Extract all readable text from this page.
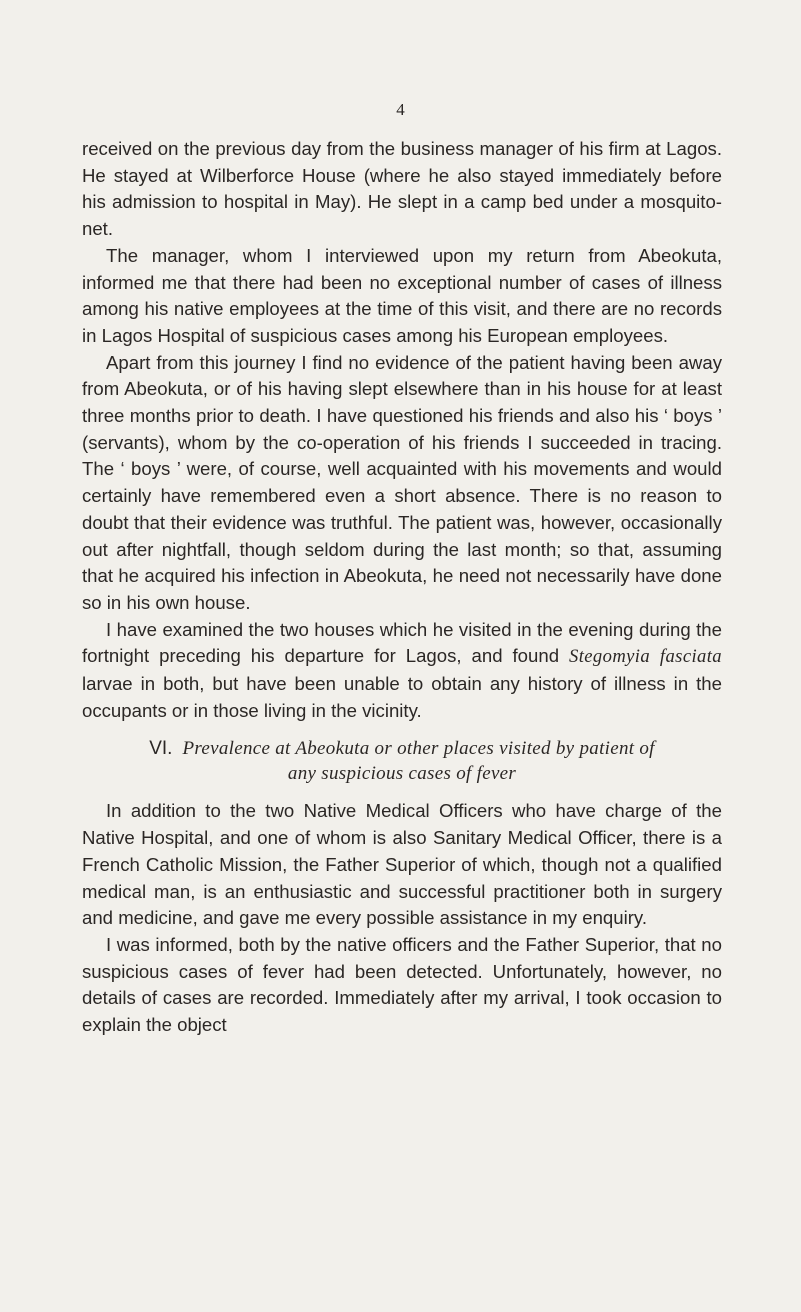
4

received on the previous day from the business manager of his firm at Lagos. He stayed at Wilberforce House (where he also stayed immediately before his admission to hospital in May). He slept in a camp bed under a mosquito-net.

The manager, whom I interviewed upon my return from Abeokuta, informed me that there had been no exceptional number of cases of illness among his native employees at the time of this visit, and there are no records in Lagos Hospital of suspicious cases among his European employees.

Apart from this journey I find no evidence of the patient having been away from Abeokuta, or of his having slept elsewhere than in his house for at least three months prior to death. I have questioned his friends and also his ‘ boys ’ (servants), whom by the co-operation of his friends I succeeded in tracing. The ‘ boys ’ were, of course, well acquainted with his movements and would certainly have remembered even a short absence. There is no reason to doubt that their evidence was truthful. The patient was, however, occasionally out after nightfall, though seldom during the last month; so that, assuming that he acquired his infection in Abeokuta, he need not necessarily have done so in his own house.

I have examined the two houses which he visited in the evening during the fortnight preceding his departure for Lagos, and found Stegomyia fasciata larvae in both, but have been unable to obtain any history of illness in the occupants or in those living in the vicinity.

VI. Prevalence at Abeokuta or other places visited by patient of
any suspicious cases of fever

In addition to the two Native Medical Officers who have charge of the Native Hospital, and one of whom is also Sanitary Medical Officer, there is a French Catholic Mission, the Father Superior of which, though not a qualified medical man, is an enthusiastic and successful practitioner both in surgery and medicine, and gave me every possible assistance in my enquiry.

I was informed, both by the native officers and the Father Superior, that no suspicious cases of fever had been detected. Unfortunately, however, no details of cases are recorded. Immediately after my arrival, I took occasion to explain the object
